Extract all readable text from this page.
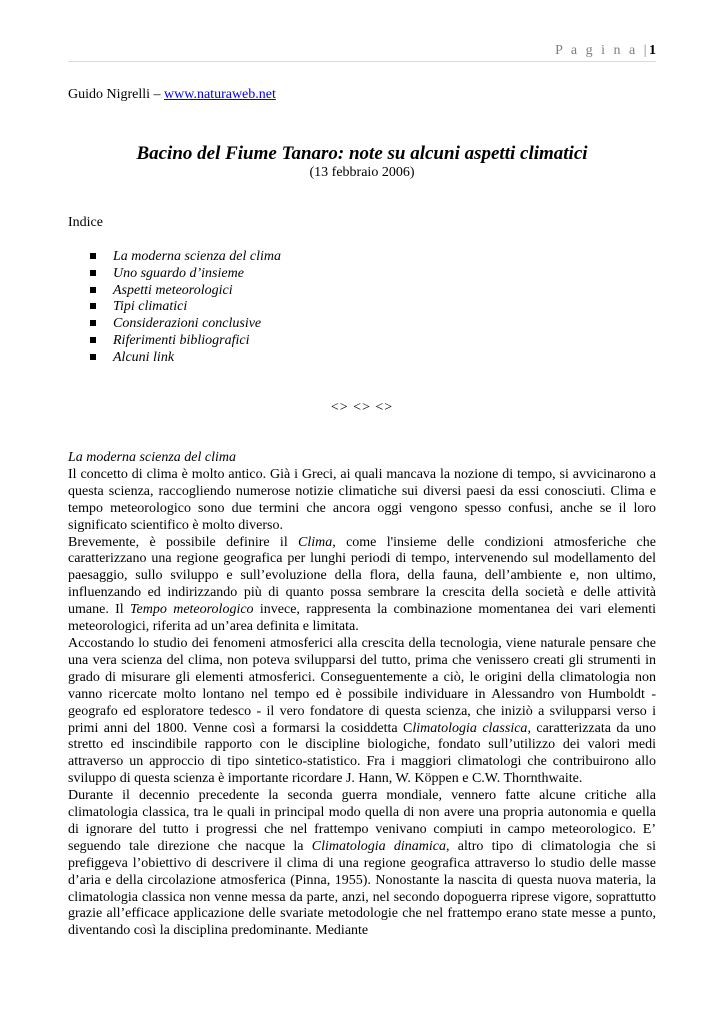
P a g i n a |1
Guido Nigrelli – www.naturaweb.net
Bacino del Fiume Tanaro: note su alcuni aspetti climatici
(13 febbraio 2006)
Indice
La moderna scienza del clima
Uno sguardo d’insieme
Aspetti meteorologici
Tipi climatici
Considerazioni conclusive
Riferimenti bibliografici
Alcuni link
<> <> <>

La moderna scienza del clima

Il concetto di clima è molto antico. Già i Greci, ai quali mancava la nozione di tempo, si avvicinarono a questa scienza, raccogliendo numerose notizie climatiche sui diversi paesi da essi conosciuti. Clima e tempo meteorologico sono due termini che ancora oggi vengono spesso confusi, anche se il loro significato scientifico è molto diverso.

Brevemente, è possibile definire il Clima, come l'insieme delle condizioni atmosferiche che caratterizzano una regione geografica per lunghi periodi di tempo, intervenendo sul modellamento del paesaggio, sullo sviluppo e sull’evoluzione della flora, della fauna, dell’ambiente e, non ultimo, influenzando ed indirizzando più di quanto possa sembrare la crescita della società e delle attività umane. Il Tempo meteorologico invece, rappresenta la combinazione momentanea dei vari elementi meteorologici, riferita ad un’area definita e limitata.

Accostando lo studio dei fenomeni atmosferici alla crescita della tecnologia, viene naturale pensare che una vera scienza del clima, non poteva svilupparsi del tutto, prima che venissero creati gli strumenti in grado di misurare gli elementi atmosferici. Conseguentemente a ciò, le origini della climatologia non vanno ricercate molto lontano nel tempo ed è possibile individuare in Alessandro von Humboldt - geografo ed esploratore tedesco - il vero fondatore di questa scienza, che iniziò a svilupparsi verso i primi anni del 1800. Venne così a formarsi la cosiddetta Climatologia classica, caratterizzata da uno stretto ed inscindibile rapporto con le discipline biologiche, fondato sull’utilizzo dei valori medi attraverso un approccio di tipo sintetico-statistico. Fra i maggiori climatologi che contribuirono allo sviluppo di questa scienza è importante ricordare J. Hann, W. Köppen e C.W. Thornthwaite.

Durante il decennio precedente la seconda guerra mondiale, vennero fatte alcune critiche alla climatologia classica, tra le quali in principal modo quella di non avere una propria autonomia e quella di ignorare del tutto i progressi che nel frattempo venivano compiuti in campo meteorologico. E’ seguendo tale direzione che nacque la Climatologia dinamica, altro tipo di climatologia che si prefiggeva l’obiettivo di descrivere il clima di una regione geografica attraverso lo studio delle masse d’aria e della circolazione atmosferica (Pinna, 1955). Nonostante la nascita di questa nuova materia, la climatologia classica non venne messa da parte, anzi, nel secondo dopoguerra riprese vigore, soprattutto grazie all’efficace applicazione delle svariate metodologie che nel frattempo erano state messe a punto, diventando così la disciplina predominante. Mediante
